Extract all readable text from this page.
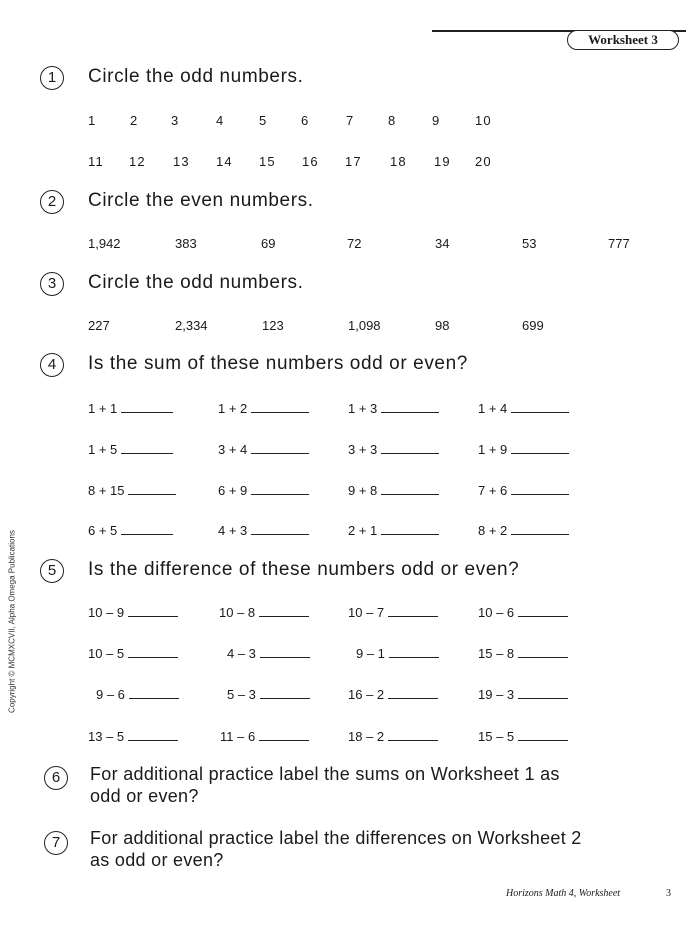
Worksheet 3
Copyright © MCMXCVII, Alpha Omega Publications
1	Circle the odd numbers.
1	2	3	4	5	6	7	8	9	10
11 12 13 14 15 16 17 18 19 20
2	Circle the even numbers.
1,942	383	69	72	34	53	777
3	Circle the odd numbers.
227	2,334	123	1,098	98	699
4	Is the sum of these numbers odd or even?
1 + 1	1 + 2	1 + 3	1 + 4
1 + 5	3 + 4	3 + 3	1 + 9
8 + 15	6 + 9	9 + 8	7 + 6
6 + 5	4 + 3	2 + 1	8 + 2
5	Is the difference of these numbers odd or even?
10 – 9	10 – 8	10 – 7	10 – 6
10 – 5	4 – 3	9 – 1	15 – 8
9 – 6	5 – 3	16 – 2	19 – 3
13 – 5	11 – 6	18 – 2	15 – 5
6	For additional practice label the sums on Worksheet 1 as
odd or even?
7	For additional practice label the differences on Worksheet 2
as odd or even?
Horizons Math 4, Worksheet	3
